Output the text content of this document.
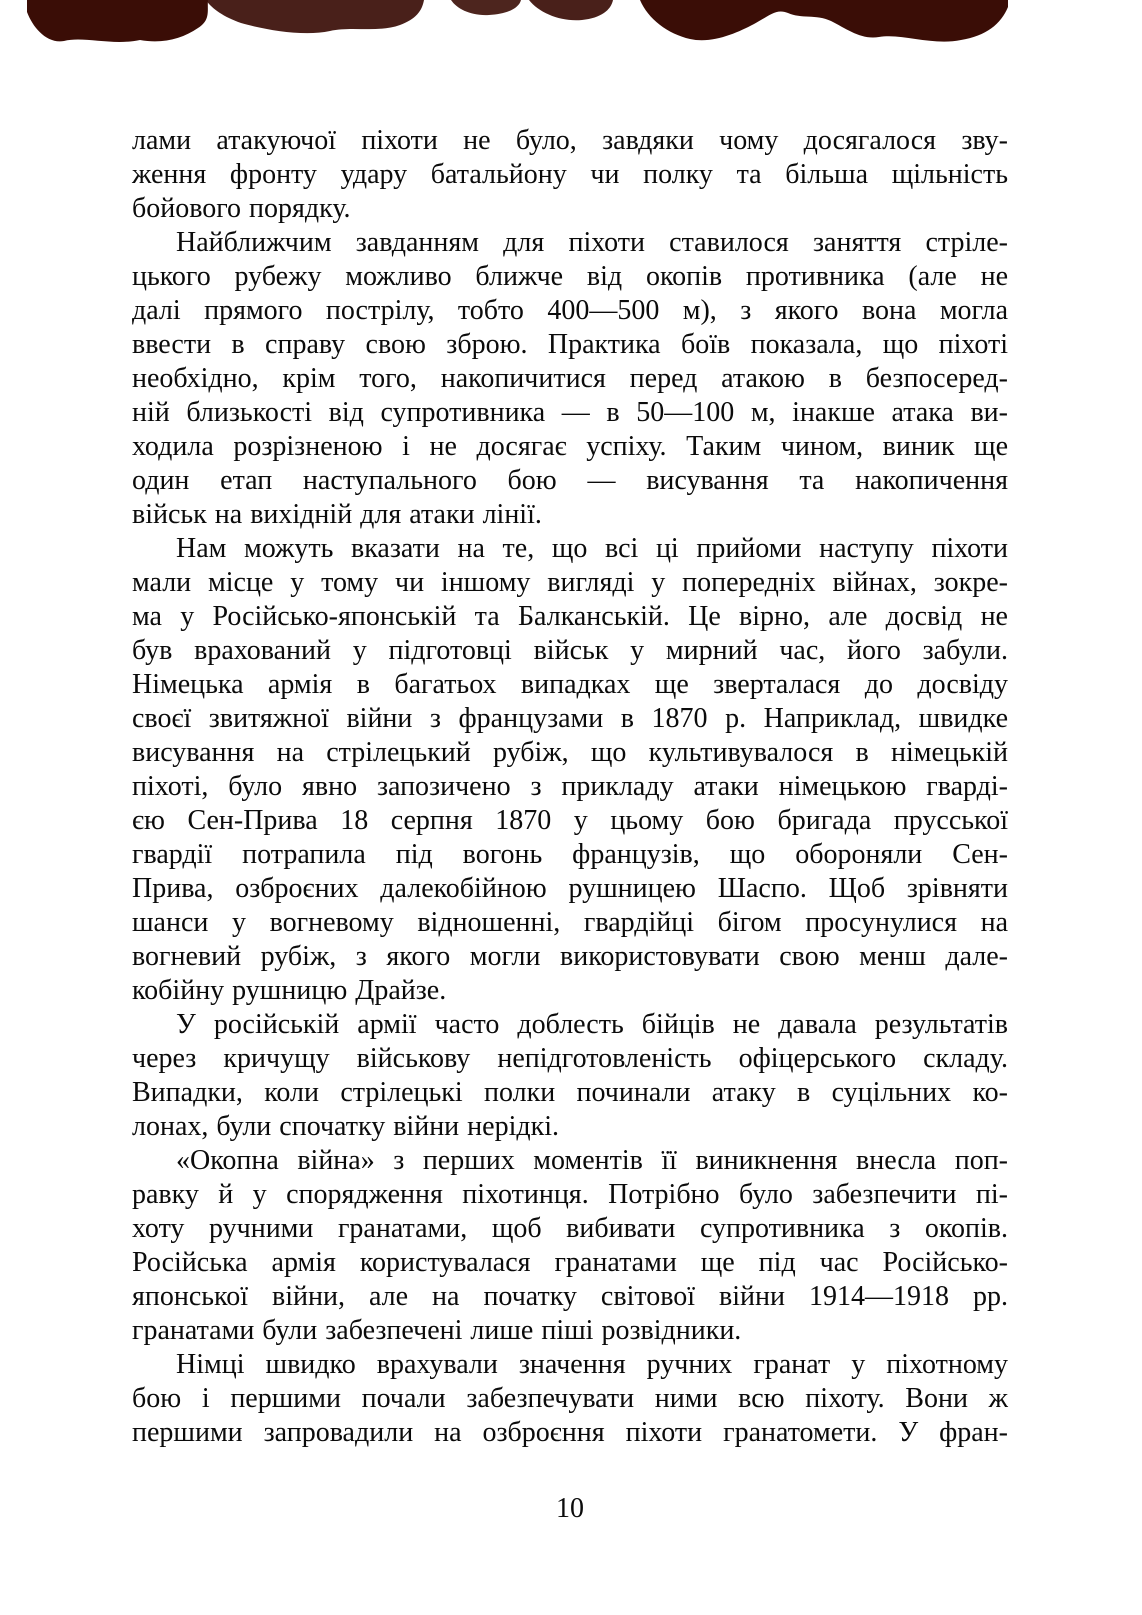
лами атакуючої піхоти не було, завдяки чому досягалося зву-
ження фронту удару батальйону чи полку та більша щільність
бойового порядку.
Найближчим завданням для піхоти ставилося заняття стріле-
цького рубежу можливо ближче від окопів противника (але не
далі прямого пострілу, тобто 400—500 м), з якого вона могла
ввести в справу свою зброю. Практика боїв показала, що піхоті
необхідно, крім того, накопичитися перед атакою в безпосеред-
ній близькості від супротивника — в 50—100 м, інакше атака ви-
ходила розрізненою і не досягає успіху. Таким чином, виник ще
один етап наступального бою — висування та накопичення
військ на вихідній для атаки лінії.
Нам можуть вказати на те, що всі ці прийоми наступу піхоти
мали місце у тому чи іншому вигляді у попередніх війнах, зокре-
ма у Російсько-японській та Балканській. Це вірно, але досвід не
був врахований у підготовці військ у мирний час, його забули.
Німецька армія в багатьох випадках ще зверталася до досвіду
своєї звитяжної війни з французами в 1870 р. Наприклад, швидке
висування на стрілецький рубіж, що культивувалося в німецькій
піхоті, було явно запозичено з прикладу атаки німецькою гварді-
єю Сен-Прива 18 серпня 1870 у цьому бою бригада прусської
гвардії потрапила під вогонь французів, що обороняли Сен-
Прива, озброєних далекобійною рушницею Шаспо. Щоб зрівняти
шанси у вогневому відношенні, гвардійці бігом просунулися на
вогневий рубіж, з якого могли використовувати свою менш дале-
кобійну рушницю Драйзе.
У російській армії часто доблесть бійців не давала результатів
через кричущу військову непідготовленість офіцерського складу.
Випадки, коли стрілецькі полки починали атаку в суцільних ко-
лонах, були спочатку війни нерідкі.
«Окопна війна» з перших моментів її виникнення внесла поп-
равку й у спорядження піхотинця. Потрібно було забезпечити пі-
хоту ручними гранатами, щоб вибивати супротивника з окопів.
Російська армія користувалася гранатами ще під час Російсько-
японської війни, але на початку світової війни 1914—1918 рр.
гранатами були забезпечені лише піші розвідники.
Німці швидко врахували значення ручних гранат у піхотному
бою і першими почали забезпечувати ними всю піхоту. Вони ж
першими запровадили на озброєння піхоти гранатомети. У фран-
10
